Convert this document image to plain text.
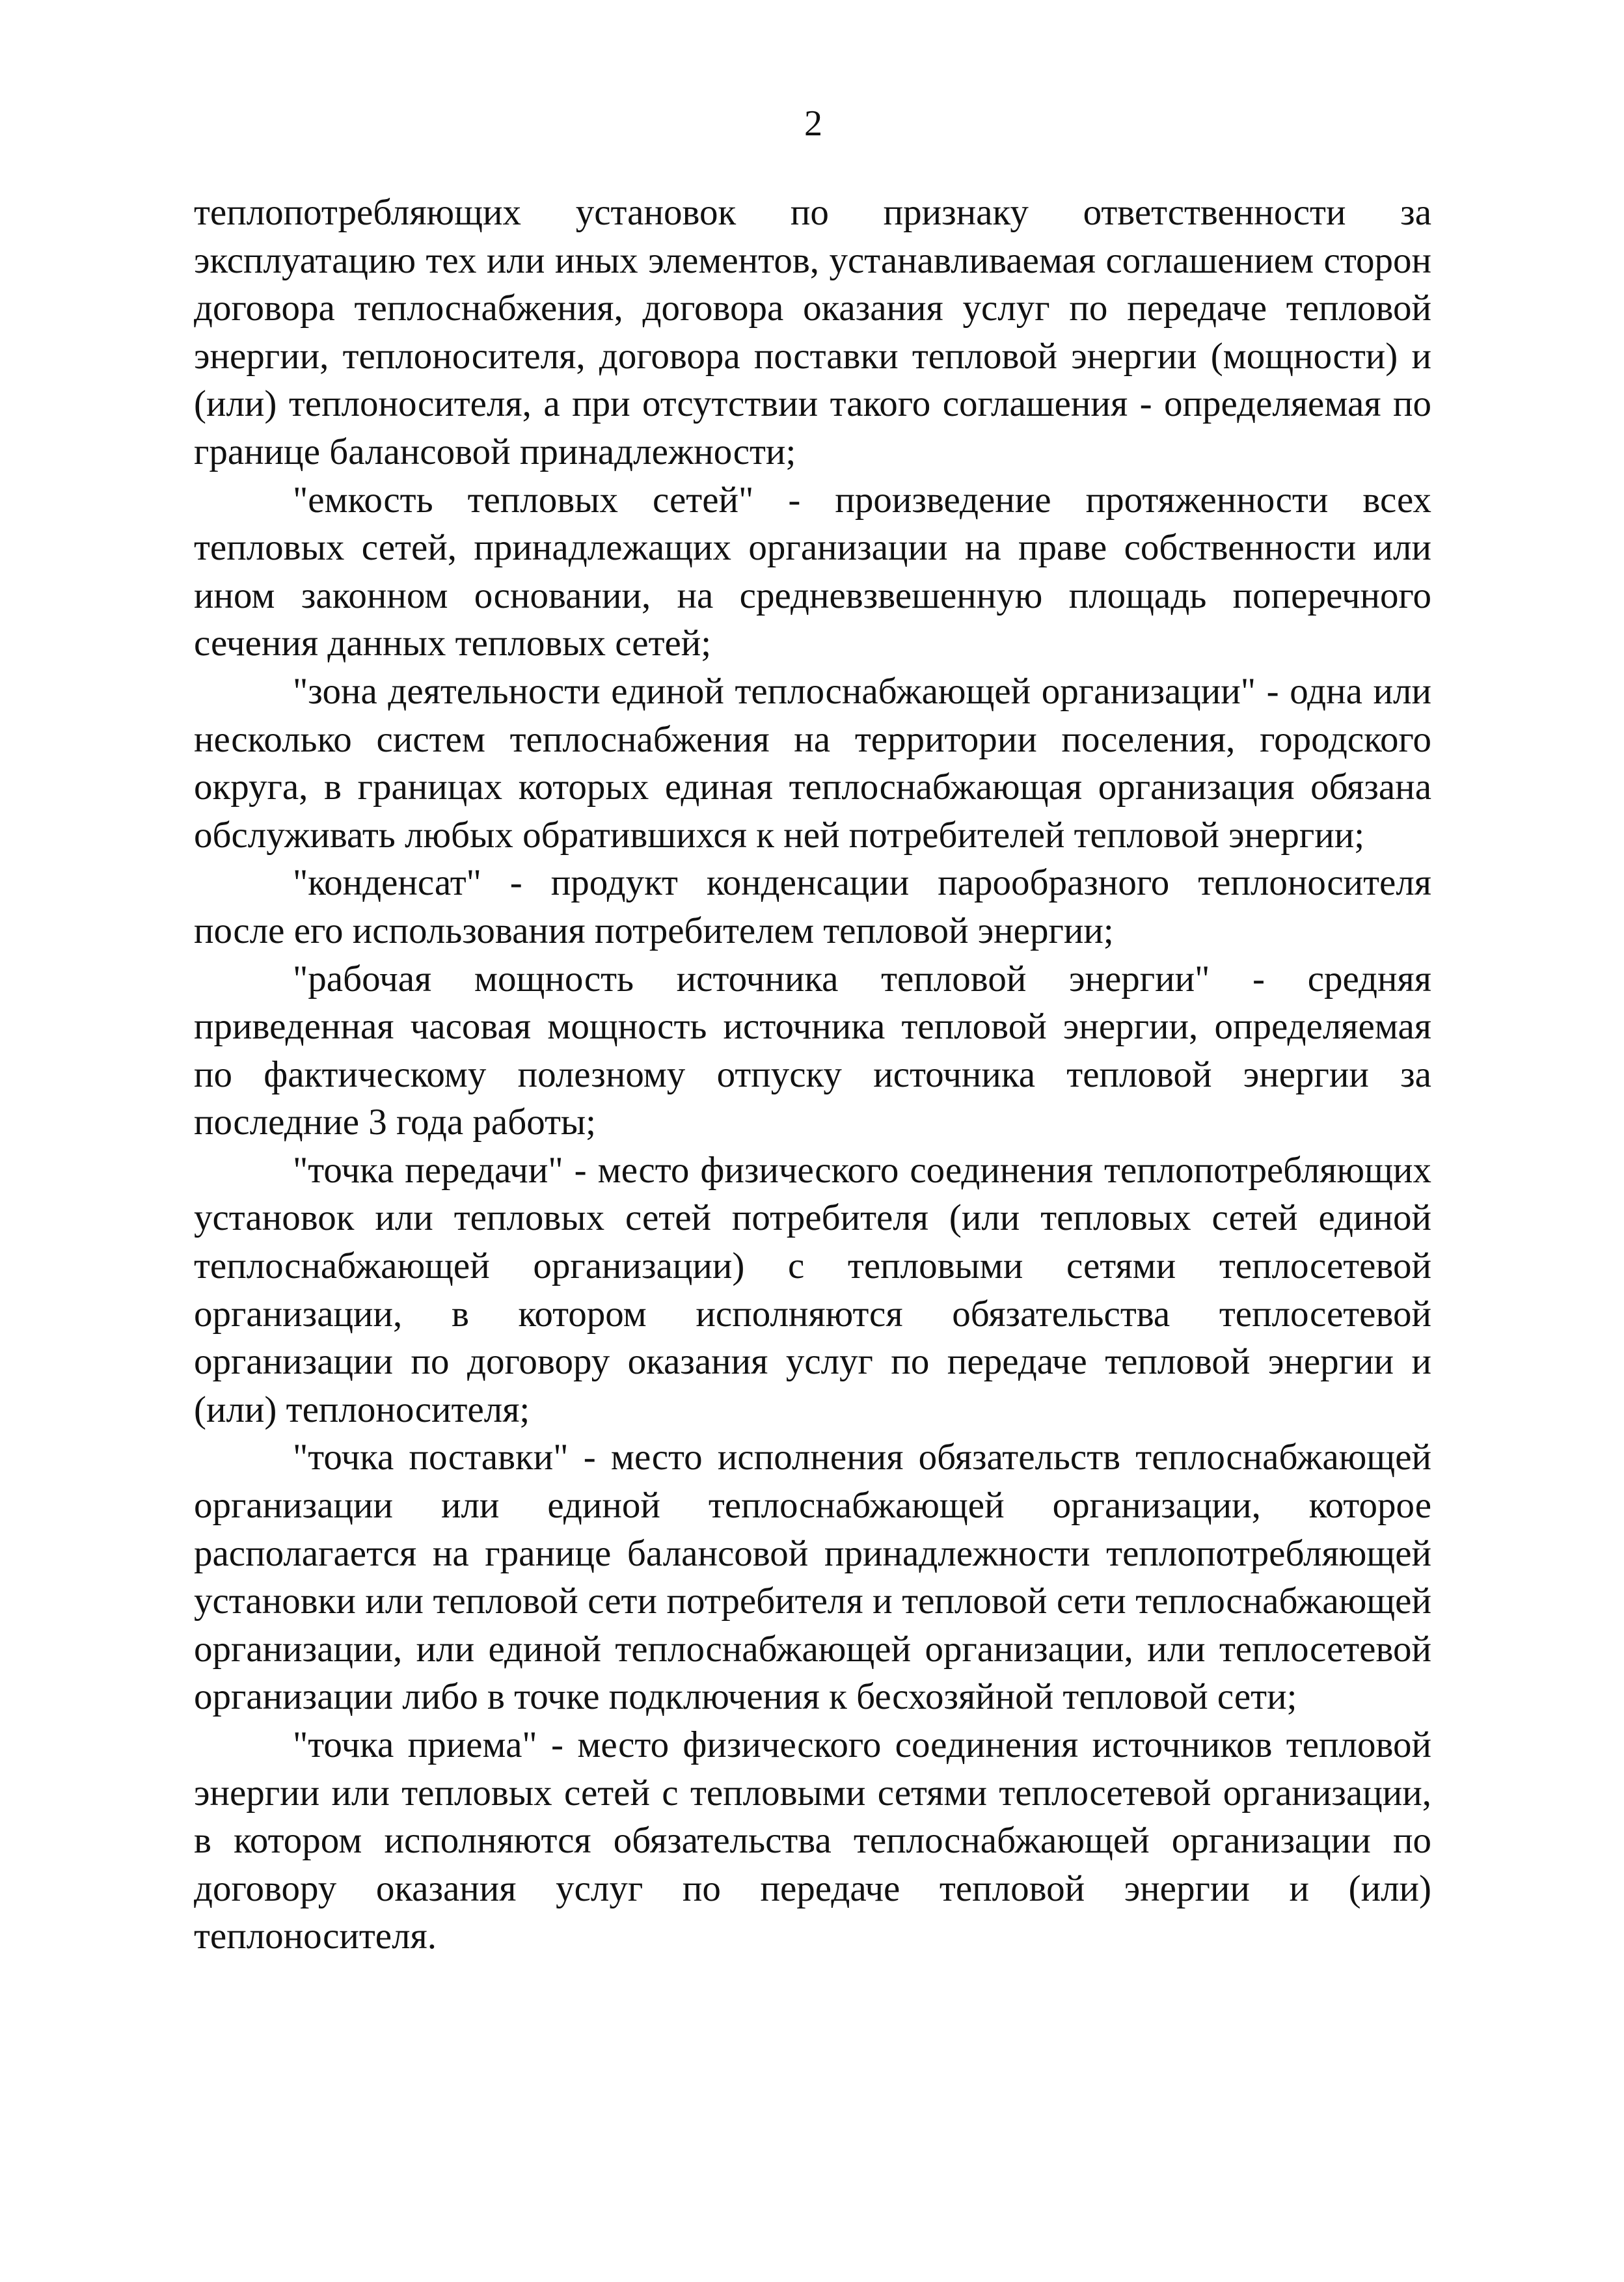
2

теплопотребляющих установок по признаку ответственности за эксплуатацию тех или иных элементов, устанавливаемая соглашением сторон договора теплоснабжения, договора оказания услуг по передаче тепловой энергии, теплоносителя, договора поставки тепловой энергии (мощности) и (или) теплоносителя, а при отсутствии такого соглашения - определяемая по границе балансовой принадлежности;

"емкость тепловых сетей" - произведение протяженности всех тепловых сетей, принадлежащих организации на праве собственности или ином законном основании, на средневзвешенную площадь поперечного сечения данных тепловых сетей;

"зона деятельности единой теплоснабжающей организации" - одна или несколько систем теплоснабжения на территории поселения, городского округа, в границах которых единая теплоснабжающая организация обязана обслуживать любых обратившихся к ней потребителей тепловой энергии;

"конденсат" - продукт конденсации парообразного теплоносителя после его использования потребителем тепловой энергии;

"рабочая мощность источника тепловой энергии" - средняя приведенная часовая мощность источника тепловой энергии, определяемая по фактическому полезному отпуску источника тепловой энергии за последние 3 года работы;

"точка передачи" - место физического соединения теплопотребляющих установок или тепловых сетей потребителя (или тепловых сетей единой теплоснабжающей организации) с тепловыми сетями теплосетевой организации, в котором исполняются обязательства теплосетевой организации по договору оказания услуг по передаче тепловой энергии и (или) теплоносителя;

"точка поставки" - место исполнения обязательств теплоснабжающей организации или единой теплоснабжающей организации, которое располагается на границе балансовой принадлежности теплопотребляющей установки или тепловой сети потребителя и тепловой сети теплоснабжающей организации, или единой теплоснабжающей организации, или теплосетевой организации либо в точке подключения к бесхозяйной тепловой сети;

"точка приема" - место физического соединения источников тепловой энергии или тепловых сетей с тепловыми сетями теплосетевой организации, в котором исполняются обязательства теплоснабжающей организации по договору оказания услуг по передаче тепловой энергии и (или) теплоносителя.
